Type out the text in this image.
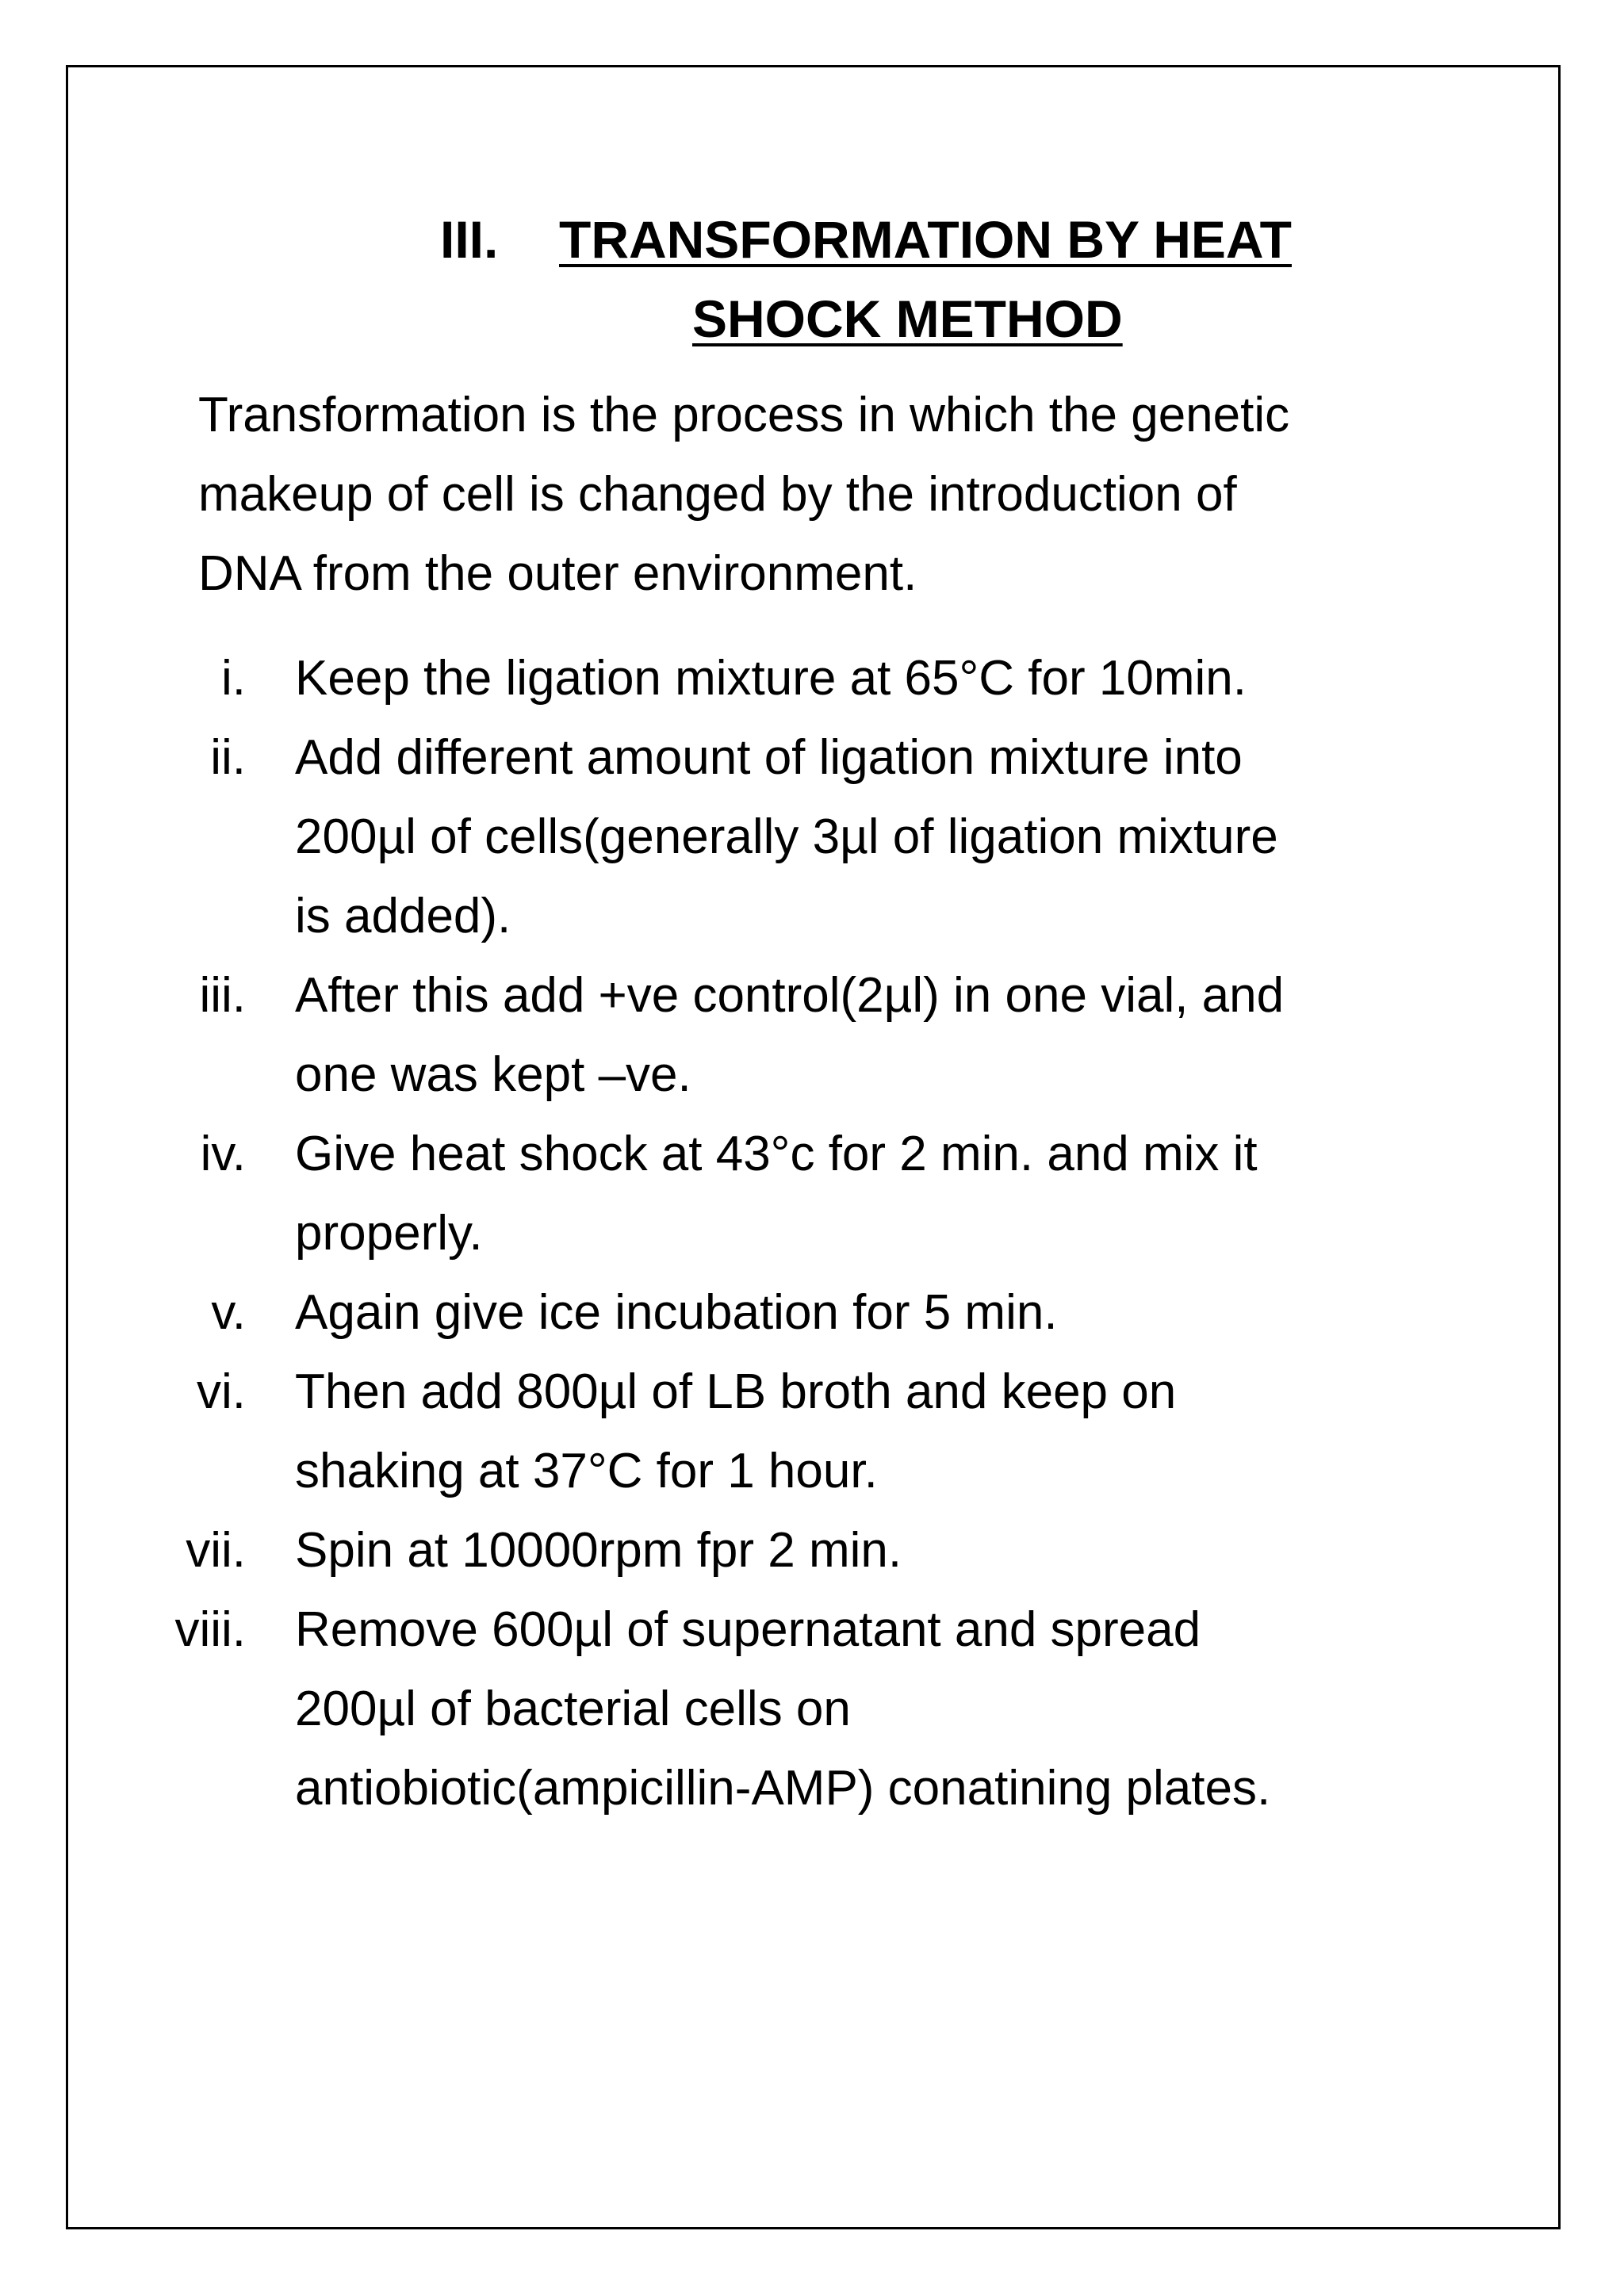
III.	TRANSFORMATION BY HEAT
SHOCK METHOD
Transformation is the process in which the genetic
makeup of cell is changed by the introduction of
DNA from the outer environment.
i. Keep the ligation mixture at 65°C for 10min.
ii. Add different amount of ligation mixture into
200µl of cells(generally 3µl of ligation mixture
is added).
iii. After this add +ve control(2µl) in one vial, and
one was kept –ve.
iv. Give heat shock at 43°c for 2 min. and mix it
properly.
v. Again give ice incubation for 5 min.
vi. Then add 800µl of LB broth and keep on
shaking at 37°C for 1 hour.
vii. Spin at 10000rpm fpr 2 min.
viii. Remove 600µl of supernatant and spread
200µl of bacterial cells on
antiobiotic(ampicillin-AMP) conatining plates.
